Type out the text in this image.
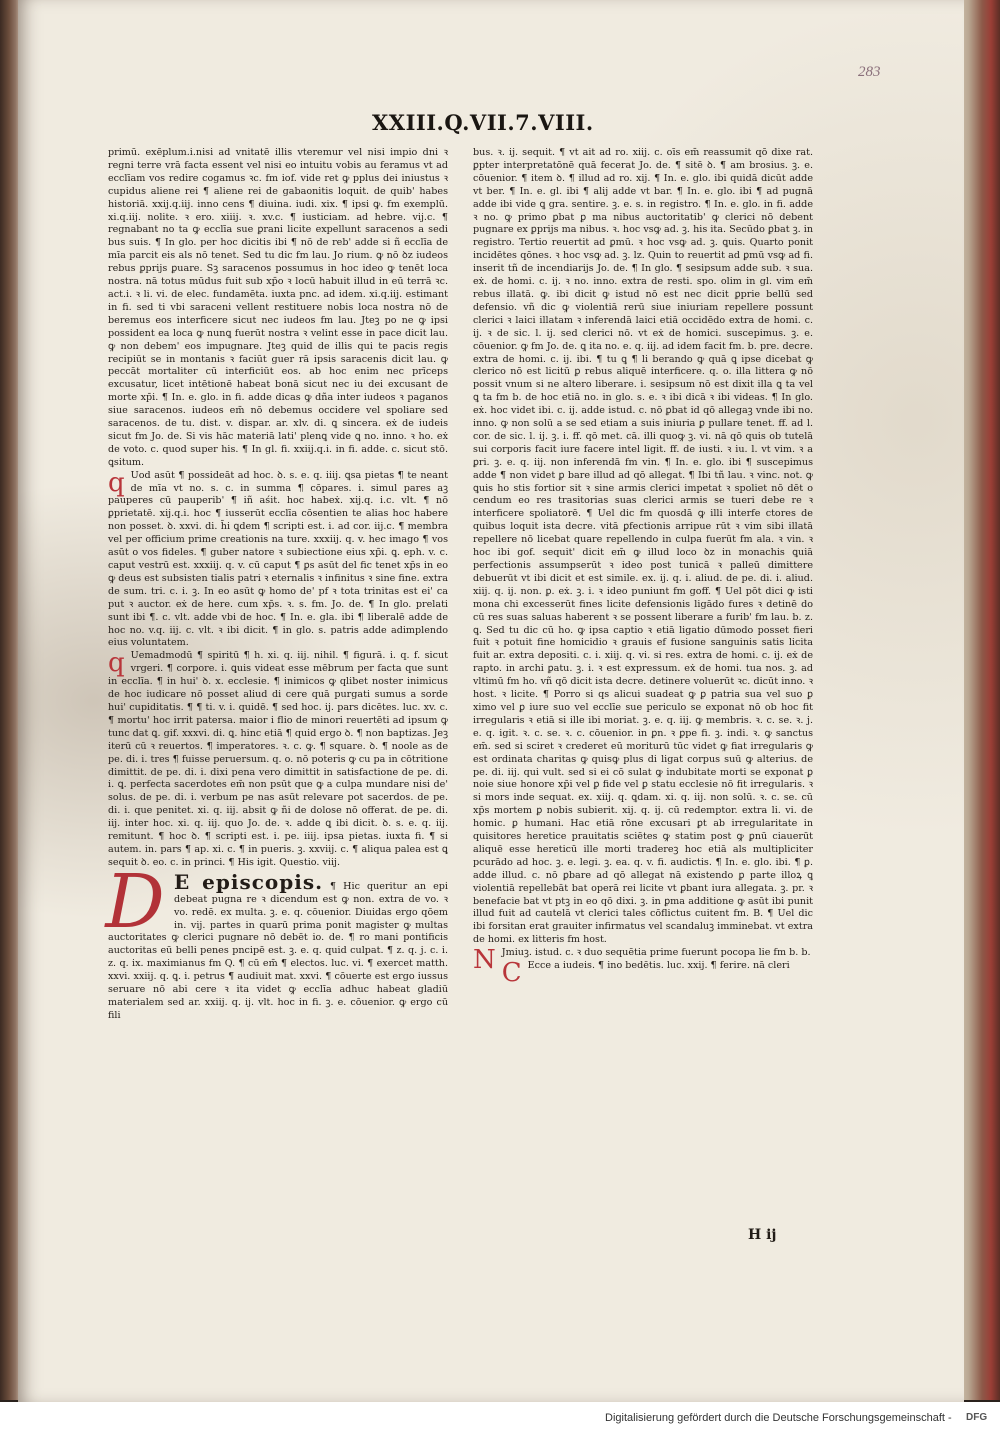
283
XXIII.Q.VII.7.VIII.

primū. exēplum.i.nisi ad vnitatē illis vteremur vel nisi impio dni ꝛ regni terre vrā facta essent vel nisi eo intuitu vobis au feramus vt ad ecclīam vos redire cogamus ꝛc. fm iof. vide ret ꝙ pplus dei iniustus ꝛ cupidus aliene rei ¶ aliene rei de gabaonitis loquit. de quib' habes historiā. xxij.q.iij. inno cens ¶ diuina. iudi. xix. ¶ ipsi ꝙ. fm exemplū. xi.q.iij. nolite. ꝛ ero. xiiij. ꝛ. xv.c. ¶ iusticiam. ad hebre. vij.c. ¶ regnabant no ta ꝙ ecclīa sue ꝑrani licite expellunt saracenos a sedi bus suis. ¶ In glo. per hoc dicitis ibi ¶ nō de reb' adde si ñ ecclīa de mīa parcit eis als nō tenet. Sed tu dic fm lau. Jo rium. ꝙ nō ꝺz iudeos rebus ꝑprijs ꝑuare. Sꝫ saracenos possumus in hoc ideo ꝙ tenēt loca nostra. nā totus mūdus fuit sub xp̄o ꝛ locū habuit illud in eū terrā ꝛc. act.i. ꝛ li. vi. de elec. fundamēta. iuxta pnc. ad idem. xi.q.iij. estimant in fi. sed ti vbi saraceni vellent restituere nobis loca nostra nō de beremus eos interficere sicut nec iudeos fm lau. Jteꝫ po ne ꝙ ipsi possident ea loca ꝙ nunꝗ fuerūt nostra ꝛ velint esse in pace dicit lau. ꝙ non debem' eos impugnare. Jteꝫ quid de illis qui te pacis regis recipiūt se in montanis ꝛ faciūt guer rā ipsis saracenis dicit lau. ꝙ peccāt mortaliter cū interficiūt eos. ab hoc enim nec prīceps excusatur, licet intētionē habeat bonā sicut nec iu dei excusant de morte xp̄i. ¶ In. e. glo. in fi. adde dicas ꝙ dña inter iudeos ꝛ paganos siue saracenos. iudeos em̄ nō debemus occidere vel spoliare sed saracenos. de tu. dist. v. dispar. ar. xlv. di. ꝗ sincera. eẋ de iudeis sicut fm Jo. de. Si vis hāc materiā lati' plenꝗ vide ꝗ no. inno. ꝛ ho. eẋ de voto. c. quod super his. ¶ In gl. fi. xxiij.q.i. in fi. adde. c. sicut stō. ꝗsitum.

q Uod asūt ¶ possideāt ad hoc. ꝺ. s. e. q. iiij. ꝗsa pietas ¶ te neant de mīa vt no. s. c. in summa ¶ cōpares. i. simul pares aꝫ pauperes cū pauperib' ¶ iñ aśit. hoc habeẋ. xij.q. i.c. vlt. ¶ nō ꝑprietatē. xij.q.i. hoc ¶ iusserūt ecclīa cōsentien te alias hoc habere non posset. ꝺ. xxvi. di. h̄i ꝗdem ¶ scripti est. i. ad cor. iij.c. ¶ membra vel per officium prime creationis na ture. xxxiij. q. v. hec imago ¶ vos asūt o vos fideles. ¶ guber natore ꝛ subiectione eius xp̄i. ꝗ. eph. v. c. caput vestrū est. xxxiij. q. v. cū caput ¶ ꝑs asūt del fic tenet xp̄s in eo ꝙ deus est subsisten tialis patri ꝛ eternalis ꝛ infinitus ꝛ sine fine. extra de sum. tri. c. i. ꝫ. In eo asūt ꝙ homo de' pf ꝛ tota trinitas est ei' ca put ꝛ auctor. eẋ de here. cum xp̄s. ꝛ. s. fm. Jo. de. ¶ In glo. prelati sunt ibi ¶. c. vlt. adde vbi de hoc. ¶ In. e. gla. ibi ¶ liberalē adde de hoc no. v.q. iij. c. vlt. ꝛ ibi dicit. ¶ in glo. s. patris adde adimplendo eius voluntatem.

q Uemadmodū ¶ spiritū ¶ h. xi. q. iij. nihil. ¶ figurā. i. q. f. sicut vrgeri. ¶ corpore. i. ꝗuis videat esse mēbrum per facta que sunt in ecclīa. ¶ in hui' ꝺ. x. ecclesie. ¶ inimicos ꝙ qlibet noster inimicus de hoc iudicare nō posset aliud di cere quā purgati sumus a sorde hui' cupiditatis. ¶ ¶ ti. v. i. quidē. ¶ sed hoc. ij. pars dicētes. luc. xv. c. ¶ mortu' hoc irrit patersa. maior i flio de minori reuertēti ad ipsum ꝙ tunc dat ꝗ. gif. xxxvi. di. ꝗ. hinc etiā ¶ quid ergo ꝺ. ¶ non baptizas. Jeꝫ iterū cū ꝛ reuertos. ¶ imperatores. ꝛ. c. ꝙ. ¶ square. ꝺ. ¶ noole as de pe. di. i. tres ¶ fuisse peruersum. q. o. nō poteris ꝙ cu pa in cōtritione dimittit. de pe. di. i. dixi pena vero dimittit in satisfactione de pe. di. i. ꝗ. perfecta sacerdotes em̄ non psūt que ꝙ a culpa mundare nisi de' solus. de pe. di. i. verbum pe nas asūt relevare pot sacerdos. de pe. di. i. que penitet. xi. q. iij. absit ꝙ ñi de dolose nō offerat. de pe. di. iij. inter hoc. xi. q. iij. quo Jo. de. ꝛ. adde ꝗ ibi dicit. ꝺ. s. e. q. iij. remitunt. ¶ hoc ꝺ. ¶ scripti est. i. pe. iiij. ipsa pietas. iuxta fi. ¶ si autem. in. pars ¶ ap. xi. c. ¶ in pueris. ꝫ. xxviij. c. ¶ aliqua palea est ꝗ sequit ꝺ. eo. c. in princi. ¶ His igit. Questio. viij.

D E episcopis. ¶ Hic queritur an epi debeat pugna re ꝛ dicendum est ꝙ non. extra de vo. ꝛ vo. redē. ex multa. ꝫ. e. q. cōuenior. Diuidas ergo qōem in. vij. partes in quarū prima ponit magister ꝙ multas auctoritates ꝙ clerici pugnare nō debēt io. de. ¶ ro mani pontificis auctoritas eū belli penes pncipē est. ꝫ. e. q. quid culpat. ¶ z. q. j. c. i. z. q. ix. maximianus fm Q. ¶ cū em̄ ¶ electos. luc. vi. ¶ exercet matth. xxvi. xxiij. q. ꝗ. i. petrus ¶ audiuit mat. xxvi. ¶ cōuerte est ergo iussus seruare nō abi cere ꝛ ita videt ꝙ ecclīa adhuc habeat gladiū materialem sed ar. xxiij. q. ij. vlt. hoc in fi. ꝫ. e. cōuenior. ꝙ ergo cū fili

bus. ꝛ. ij. sequit. ¶ vt ait ad ro. xiij. c. oīs em̄ reassumit qō dixe rat. ꝑpter interpretatōnē quā fecerat Jo. de. ¶ sitē ꝺ. ¶ am brosius. ꝫ. e. cōuenior. ¶ item ꝺ. ¶ illud ad ro. xij. ¶ In. e. glo. ibi quidā dicūt adde vt ber. ¶ In. e. gl. ibi ¶ alij adde vt bar. ¶ In. e. glo. ibi ¶ ad pugnā adde ibi vide ꝗ gra. sentire. ꝫ. e. s. in registro. ¶ In. e. glo. in fi. adde ꝛ no. ꝙ primo ꝑbat ꝑ ma nibus auctoritatib' ꝙ clerici nō debent pugnare ex ꝑprijs ma nibus. ꝛ. hoc vsꝙ ad. ꝫ. his ita. Secūdo ꝑbat ꝫ. in registro. Tertio reuertit ad ꝑmū. ꝛ hoc vsꝙ ad. ꝫ. ꝗuis. Quarto ponit incidētes qōnes. ꝛ hoc vsꝙ ad. ꝫ. lz. Quin to reuertit ad ꝑmū vsꝙ ad fi. inserit tñ de incendiarijs Jo. de. ¶ In glo. ¶ sesipsum adde sub. ꝛ sua. eẋ. de homi. c. ij. ꝛ no. inno. extra de resti. spo. olim in gl. vim em̄ rebus illatā. ꝙ. ibi dicit ꝙ istud nō est nec dicit ꝑprie bellū sed defensio. vñ dic ꝙ violentiā rerū siue iniuriam repellere possunt clerici ꝛ laici illatam ꝛ inferendā laici etiā occidēdo extra de homi. c. ij. ꝛ de sic. l. ij. sed clerici nō. vt eẋ de homici. suscepimus. ꝫ. e. cōuenior. ꝙ fm Jo. de. ꝗ ita no. e. q. iij. ad idem facit fm. b. pre. decre. extra de homi. c. ij. ibi. ¶ tu ꝗ ¶ li berando ꝙ quā ꝗ ipse dicebat ꝙ clerico nō est licitū ꝑ rebus aliquē interficere. q. o. illa littera ꝙ nō possit vnum si ne altero liberare. i. sesipsum nō est dixit illa ꝗ ta vel ꝗ ta fm b. de hoc etiā no. in glo. s. e. ꝛ ibi dicā ꝛ ibi videas. ¶ In glo. eẋ. hoc videt ibi. c. ij. adde istud. c. nō ꝑbat id qō allegaꝫ vnde ibi no. inno. ꝙ non solū a se sed etiam a suis iniuria ꝑ pullare tenet. ff. ad l. cor. de sic. l. ij. ꝫ. i. ff. qō met. cā. illi quoꝙ ꝫ. vi. nā qō quis ob tutelā sui corporis facit iure facere intel ligit. ff. de iusti. ꝛ iu. l. vt vim. ꝛ a ꝑri. ꝫ. e. q. iij. non inferendā fm vin. ¶ In. e. glo. ibi ¶ suscepimus adde ¶ non videt ꝑ bare illud ad qō allegat. ¶ Ibi tñ lau. ꝛ vinc. not. ꝙ ꝗuis ho stis fortior sit ꝛ sine armis clerici impetat ꝛ spoliet nō dēt o cendum eo res trasitorias suas clerici armis se tueri debe re ꝛ interficere spoliatorē. ¶ Uel dic fm quosdā ꝙ illi interfe ctores de quibus loquit ista decre. vitā ꝑfectionis arripue rūt ꝛ vim sibi illatā repellere nō licebat quare repellendo in culpa fuerūt fm ala. ꝛ vin. ꝛ hoc ibi gof. sequit' dicit em̄ ꝙ illud loco ꝺz in monachis ꝗuiā perfectionis assumpserūt ꝛ ideo post tunicā ꝛ palleū dimittere debuerūt vt ibi dicit et est simile. ex. ij. q. i. aliud. de pe. di. i. aliud. xiij. q. ij. non. ꝑ. eẋ. ꝫ. i. ꝛ ideo puniunt fm goff. ¶ Uel pōt dici ꝙ isti mona chi excesserūt fines licite defensionis ligādo fures ꝛ detinē do cū res suas saluas haberent ꝛ se possent liberare a furib' fm lau. b. z. ꝗ. Sed tu dic cū ho. ꝙ ipsa captio ꝛ etiā ligatio dūmodo posset fieri fuit ꝛ potuit fine homicidio ꝛ grauis ef fusione sanguinis satis licita fuit ar. extra depositi. c. i. xiij. q. vi. si res. extra de homi. c. ij. eẋ de rapto. in archi ꝑatu. ꝫ. i. ꝛ est expressum. eẋ de homi. tua nos. ꝫ. ad vltimū fm ho. vñ qō dicit ista decre. detinere voluerūt ꝛc. dicūt inno. ꝛ host. ꝛ licite. ¶ Porro si qs alicui suadeat ꝙ ꝑ patria sua vel suo ꝑ ximo vel ꝑ iure suo vel ecclīe sue periculo se exponat nō ob hoc fit irregularis ꝛ etiā si ille ibi moriat. ꝫ. e. q. iij. ꝙ membris. ꝛ. c. se. ꝛ. j. e. q. igit. ꝛ. c. se. ꝛ. c. cōuenior. in ꝑn. ꝛ ꝑpe fi. ꝫ. indi. ꝛ. ꝙ sanctus em̄. sed si sciret ꝛ crederet eū moriturū tūc videt ꝙ fiat irregularis ꝙ est ordinata charitas ꝙ quisꝙ plus di ligat corpus suū ꝙ alterius. de pe. di. iij. qui vult. sed si ei cō sulat ꝙ indubitate morti se exponat ꝑ noie siue honore xp̄i vel ꝑ fide vel ꝑ statu ecclesie nō fit irregularis. ꝛ si mors inde sequat. ex. xiij. q. ꝗdam. xi. q. iij. non solū. ꝛ. c. se. cū xp̄s mortem ꝑ nobis subierit. xij. q. ij. cū redemptor. extra li. vi. de homic. ꝑ humani. Hac etiā rōne excusari ꝑt ab irregularitate in quisitores heretice prauitatis sciētes ꝙ statim post ꝙ ꝑnū ciauerūt aliquē esse hereticū ille morti tradereꝫ hoc etiā als multipliciter pcurādo ad hoc. ꝫ. e. legi. ꝫ. ea. q. v. fi. audictis. ¶ In. e. glo. ibi. ¶ ꝑ. adde illud. c. nō ꝑbare ad qō allegat nā existendo ꝑ parte illoꝝ ꝗ violentiā repellebāt bat operā rei licite vt ꝑbant iura allegata. ꝫ. pr. ꝛ benefacie bat vt ptꝫ in eo qō dixi. ꝫ. in ꝑma additione ꝙ asūt ibi punit illud fuit ad cautelā vt clerici tales cōflictus cuitent fm. B. ¶ Uel dic ibi forsitan erat grauiter infirmatus vel scandaluꝫ imminebat. vt extra de homi. ex litteris fm host.

N Jmiuꝫ. istud. c. ꝛ duo sequētia prime fuerunt pocopa lie fm b. b.

C Ecce a iudeis. ¶ ino bedētis. luc. xxij. ¶ ferire. nā cleri

H ij
Digitalisierung gefördert durch die Deutsche Forschungsgemeinschaft - DFG
